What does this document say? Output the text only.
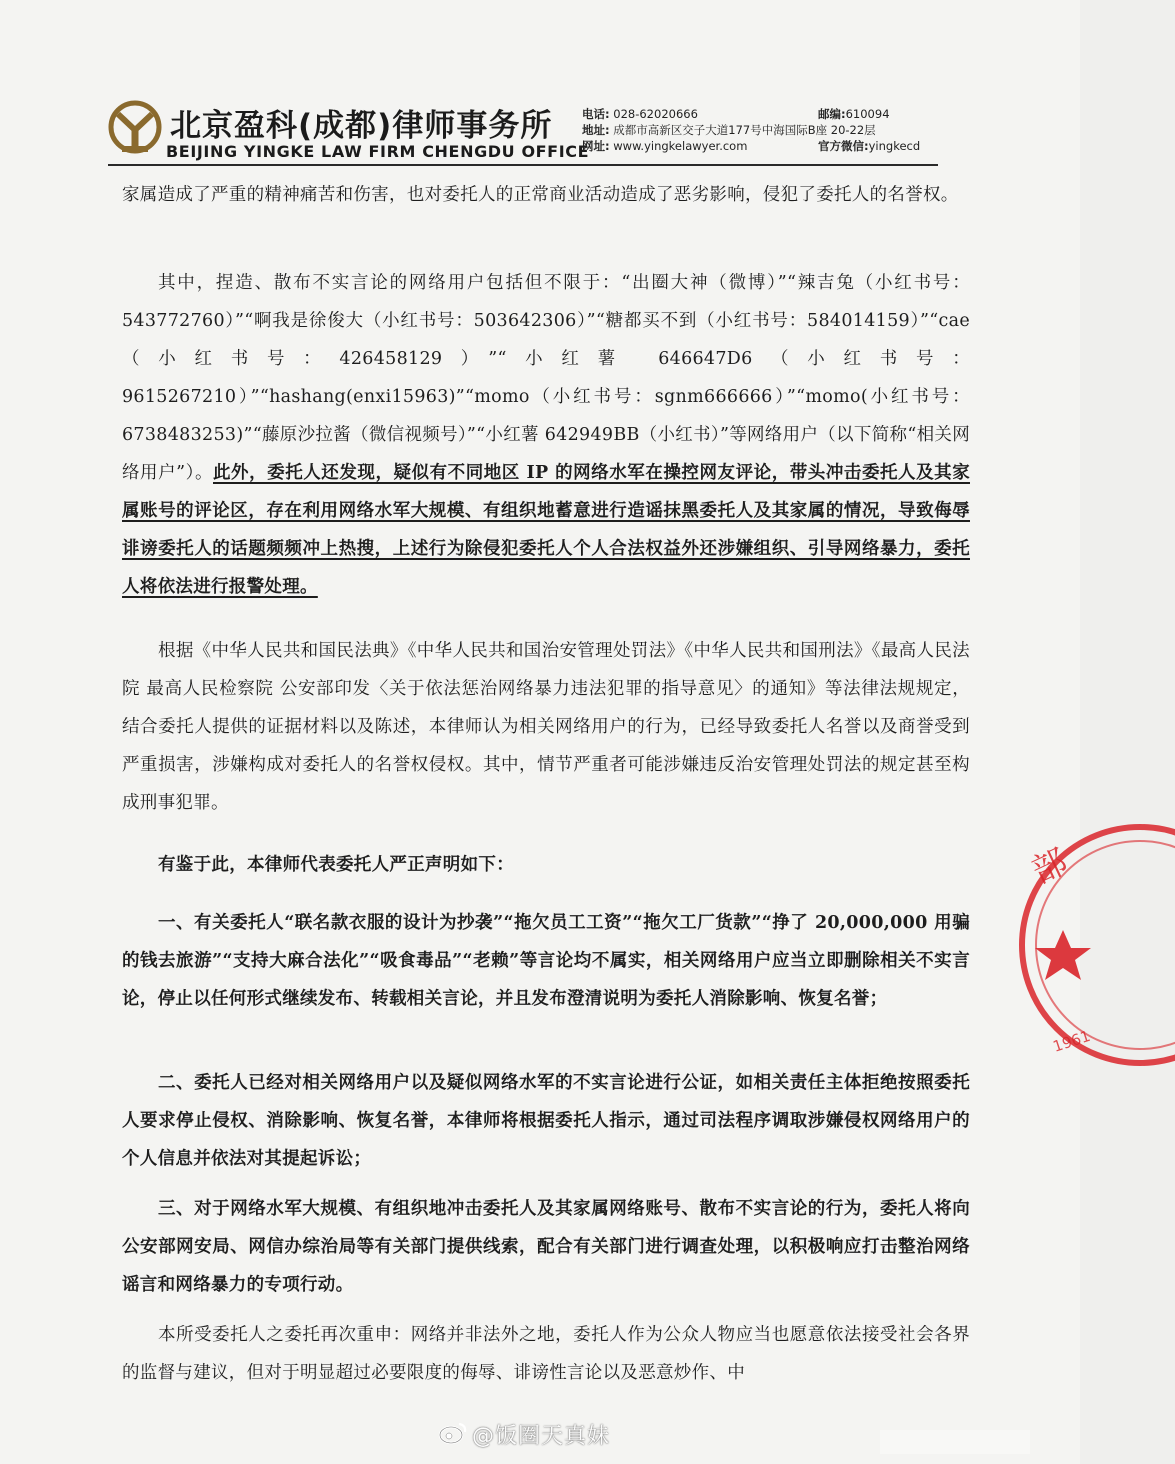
北京盈科(成都)律师事务所
BEIJING YINGKE LAW FIRM CHENGDU OFFICE
电话: 028-62020666	邮编:610094
地址: 成都市高新区交子大道177号中海国际B座 20-22层
网址: www.yingkelawyer.com	官方微信:yingkecd
家属造成了严重的精神痛苦和伤害，也对委托人的正常商业活动造成了恶劣影响，侵犯了委托人的名誉权。
其中，捏造、散布不实言论的网络用户包括但不限于：“出圈大神（微博）”“辣吉兔（小红书号：543772760）”“啊我是徐俊大（小红书号：503642306）”“糖都买不到（小红书号：584014159）”“cae（小红书号：426458129）”“小红薯 646647D6（小红书号：9615267210）”“hashang(enxi15963)”“momo（小红书号：sgnm666666）”“momo(小红书号：6738483253)”“藤原沙拉酱（微信视频号）”“小红薯 642949BB（小红书）”等网络用户（以下简称“相关网络用户”）。此外，委托人还发现，疑似有不同地区 IP 的网络水军在操控网友评论，带头冲击委托人及其家属账号的评论区，存在利用网络水军大规模、有组织地蓄意进行造谣抹黑委托人及其家属的情况，导致侮辱诽谤委托人的话题频频冲上热搜，上述行为除侵犯委托人个人合法权益外还涉嫌组织、引导网络暴力，委托人将依法进行报警处理。
根据《中华人民共和国民法典》《中华人民共和国治安管理处罚法》《中华人民共和国刑法》《最高人民法院 最高人民检察院 公安部印发〈关于依法惩治网络暴力违法犯罪的指导意见〉的通知》等法律法规规定，结合委托人提供的证据材料以及陈述，本律师认为相关网络用户的行为，已经导致委托人名誉以及商誉受到严重损害，涉嫌构成对委托人的名誉权侵权。其中，情节严重者可能涉嫌违反治安管理处罚法的规定甚至构成刑事犯罪。
有鉴于此，本律师代表委托人严正声明如下：
一、有关委托人“联名款衣服的设计为抄袭”“拖欠员工工资”“拖欠工厂货款”“挣了 20,000,000 用骗的钱去旅游”“支持大麻合法化”“吸食毒品”“老赖”等言论均不属实，相关网络用户应当立即删除相关不实言论，停止以任何形式继续发布、转载相关言论，并且发布澄清说明为委托人消除影响、恢复名誉；
二、委托人已经对相关网络用户以及疑似网络水军的不实言论进行公证，如相关责任主体拒绝按照委托人要求停止侵权、消除影响、恢复名誉，本律师将根据委托人指示，通过司法程序调取涉嫌侵权网络用户的个人信息并依法对其提起诉讼；
三、对于网络水军大规模、有组织地冲击委托人及其家属网络账号、散布不实言论的行为，委托人将向公安部网安局、网信办综治局等有关部门提供线索，配合有关部门进行调查处理，以积极响应打击整治网络谣言和网络暴力的专项行动。
本所受委托人之委托再次重申：网络并非法外之地，委托人作为公众人物应当也愿意依法接受社会各界的监督与建议，但对于明显超过必要限度的侮辱、诽谤性言论以及恶意炒作、中
部
1961
@饭圈天真妹
